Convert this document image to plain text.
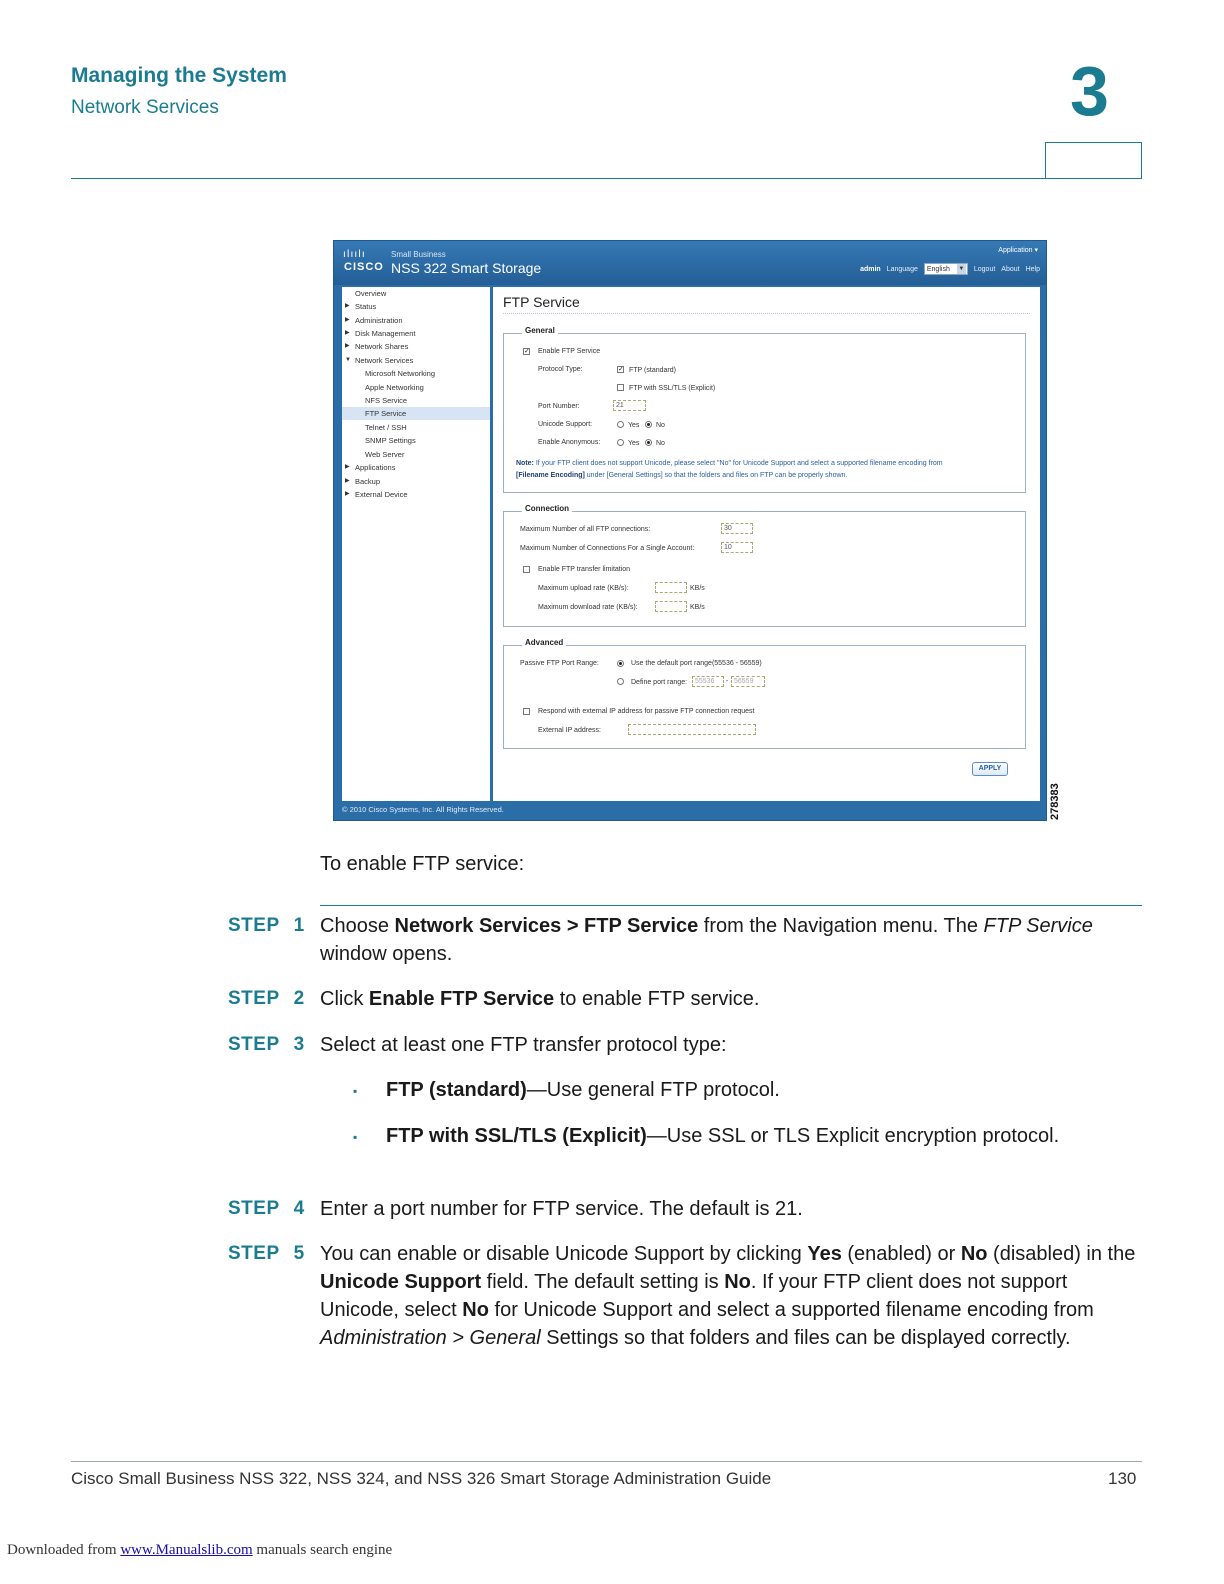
Managing the System
Network Services	3
ılıılı
CISCO
Small Business
NSS 322 Smart Storage
Application ▾
admin Language English ▼ Logout About Help
Overview
▶ Status
▶ Administration
▶ Disk Management
▶ Network Shares
▼ Network Services
Microsoft Networking
Apple Networking
NFS Service
FTP Service
Telnet / SSH
SNMP Settings
Web Server
▶ Applications
▶ Backup
▶ External Device
FTP Service
General
✓ Enable FTP Service
Protocol Type:	✓ FTP (standard)
FTP with SSL/TLS (Explicit)
Port Number:	21
Unicode Support:	Yes No
Enable Anonymous:	Yes No
Note: If your FTP client does not support Unicode, please select "No" for Unicode Support and select a supported filename encoding from
[Filename Encoding] under [General Settings] so that the folders and files on FTP can be properly shown.
Connection
Maximum Number of all FTP connections:	30
Maximum Number of Connections For a Single Account:	10
Enable FTP transfer limitation
Maximum upload rate (KB/s):	KB/s
Maximum download rate (KB/s):	KB/s
Advanced
Passive FTP Port Range:	Use the default port range(55536 - 56559)
Define port range:	55536	- 56559
Respond with external IP address for passive FTP connection request
External IP address:
APPLY
© 2010 Cisco Systems, Inc. All Rights Reserved.	278383
To enable FTP service:
STEP 1 Choose Network Services > FTP Service from the Navigation menu. The FTP Service window opens.
STEP 2 Click Enable FTP Service to enable FTP service.
STEP 3 Select at least one FTP transfer protocol type:
▪ FTP (standard)—Use general FTP protocol.
▪ FTP with SSL/TLS (Explicit)—Use SSL or TLS Explicit encryption protocol.
STEP 4 Enter a port number for FTP service. The default is 21.
STEP 5 You can enable or disable Unicode Support by clicking Yes (enabled) or No (disabled) in the Unicode Support field. The default setting is No. If your FTP client does not support Unicode, select No for Unicode Support and select a supported filename encoding from Administration > General Settings so that folders and files can be displayed correctly.
Cisco Small Business NSS 322, NSS 324, and NSS 326 Smart Storage Administration Guide	130
Downloaded from www.Manualslib.com manuals search engine
